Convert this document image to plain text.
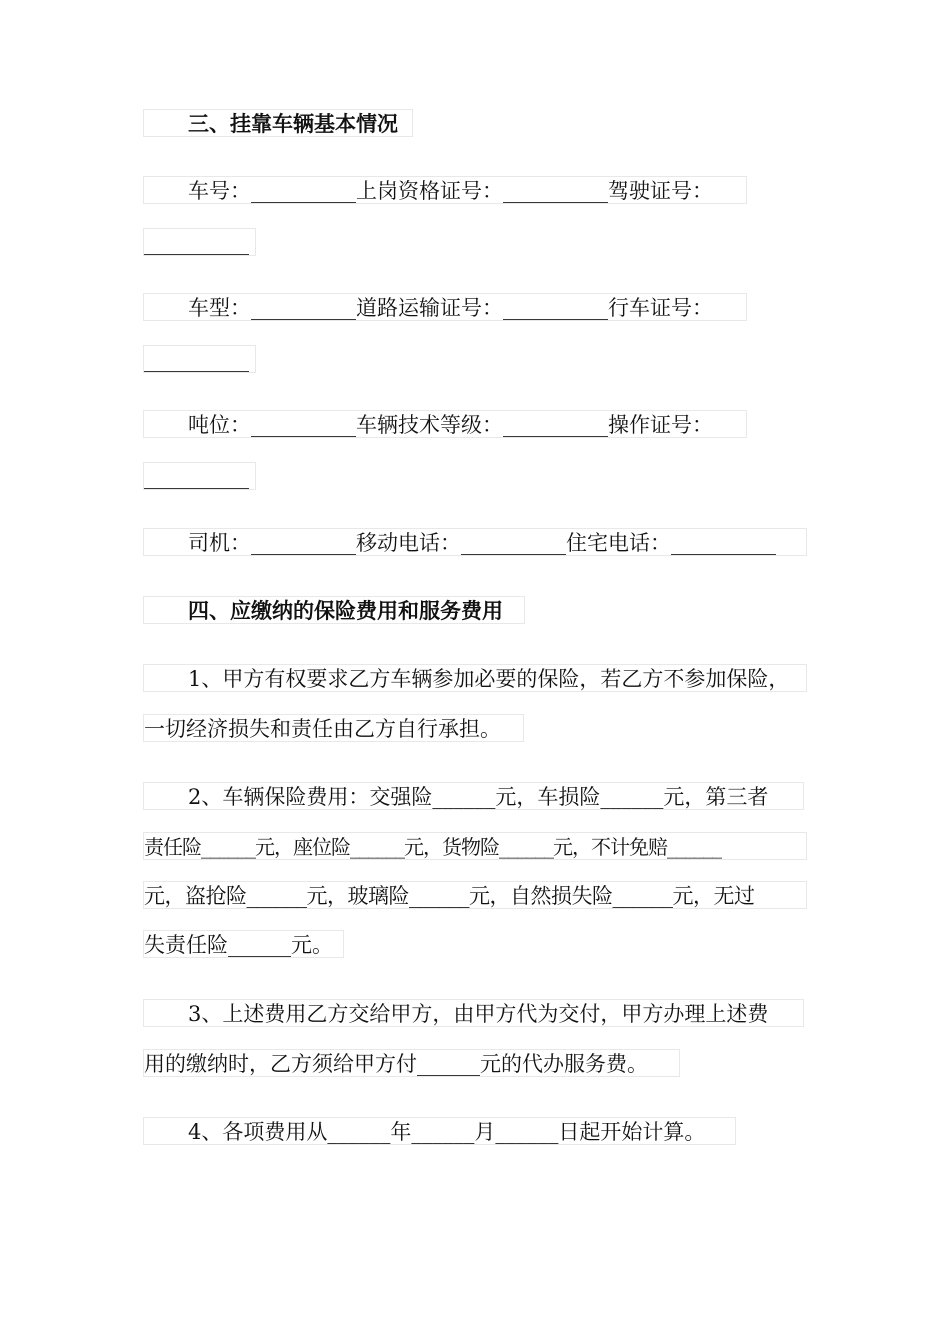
三、挂靠车辆基本情况
车号：__________上岗资格证号：__________驾驶证号：
__________
车型：__________道路运输证号：__________行车证号：
__________
吨位：__________车辆技术等级：__________操作证号：
__________
司机：__________移动电话：__________住宅电话：__________
四、应缴纳的保险费用和服务费用
1、甲方有权要求乙方车辆参加必要的保险，若乙方不参加保险，
一切经济损失和责任由乙方自行承担。
2、车辆保险费用：交强险______元，车损险______元，第三者
责任险______元，座位险______元，货物险______元，不计免赔______
元，盗抢险______元，玻璃险______元，自然损失险______元，无过
失责任险______元。
3、上述费用乙方交给甲方，由甲方代为交付，甲方办理上述费
用的缴纳时，乙方须给甲方付______元的代办服务费。
4、各项费用从______年______月______日起开始计算。
